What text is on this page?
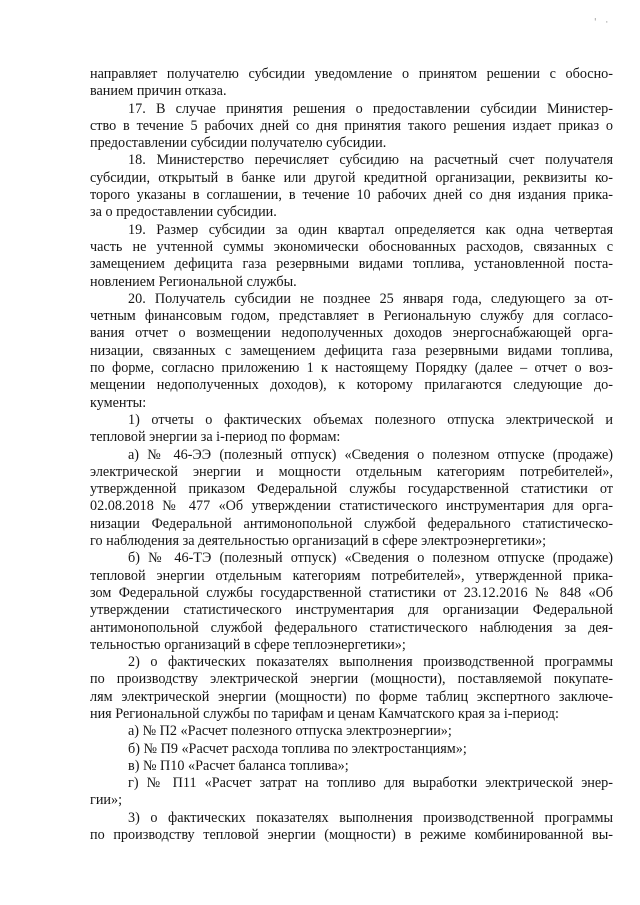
' ·
направляет получателю субсидии уведомление о принятом решении с обосно-
ванием причин отказа.
17. В случае принятия решения о предоставлении субсидии Министер-
ство в течение 5 рабочих дней со дня принятия такого решения издает приказ о
предоставлении субсидии получателю субсидии.
18. Министерство перечисляет субсидию на расчетный счет получателя
субсидии, открытый в банке или другой кредитной организации, реквизиты ко-
торого указаны в соглашении, в течение 10 рабочих дней со дня издания прика-
за о предоставлении субсидии.
19. Размер субсидии за один квартал определяется как одна четвертая
часть не учтенной суммы экономически обоснованных расходов, связанных с
замещением дефицита газа резервными видами топлива, установленной поста-
новлением Региональной службы.
20. Получатель субсидии не позднее 25 января года, следующего за от-
четным финансовым годом, представляет в Региональную службу для согласо-
вания отчет о возмещении недополученных доходов энергоснабжающей орга-
низации, связанных с замещением дефицита газа резервными видами топлива,
по форме, согласно приложению 1 к настоящему Порядку (далее – отчет о воз-
мещении недополученных доходов), к которому прилагаются следующие до-
кументы:
1) отчеты о фактических объемах полезного отпуска электрической и
тепловой энергии за i-период по формам:
а) № 46-ЭЭ (полезный отпуск) «Сведения о полезном отпуске (продаже)
электрической энергии и мощности отдельным категориям потребителей»,
утвержденной приказом Федеральной службы государственной статистики от
02.08.2018 № 477 «Об утверждении статистического инструментария для орга-
низации Федеральной антимонопольной службой федерального статистическо-
го наблюдения за деятельностью организаций в сфере электроэнергетики»;
б) № 46-ТЭ (полезный отпуск) «Сведения о полезном отпуске (продаже)
тепловой энергии отдельным категориям потребителей», утвержденной прика-
зом Федеральной службы государственной статистики от 23.12.2016 № 848 «Об
утверждении статистического инструментария для организации Федеральной
антимонопольной службой федерального статистического наблюдения за дея-
тельностью организаций в сфере теплоэнергетики»;
2) о фактических показателях выполнения производственной программы
по производству электрической энергии (мощности), поставляемой покупате-
лям электрической энергии (мощности) по форме таблиц экспертного заключе-
ния Региональной службы по тарифам и ценам Камчатского края за i-период:
а) № П2 «Расчет полезного отпуска электроэнергии»;
б) № П9 «Расчет расхода топлива по электростанциям»;
в) № П10 «Расчет баланса топлива»;
г) № П11 «Расчет затрат на топливо для выработки электрической энер-
гии»;
3) о фактических показателях выполнения производственной программы
по производству тепловой энергии (мощности) в режиме комбинированной вы-
